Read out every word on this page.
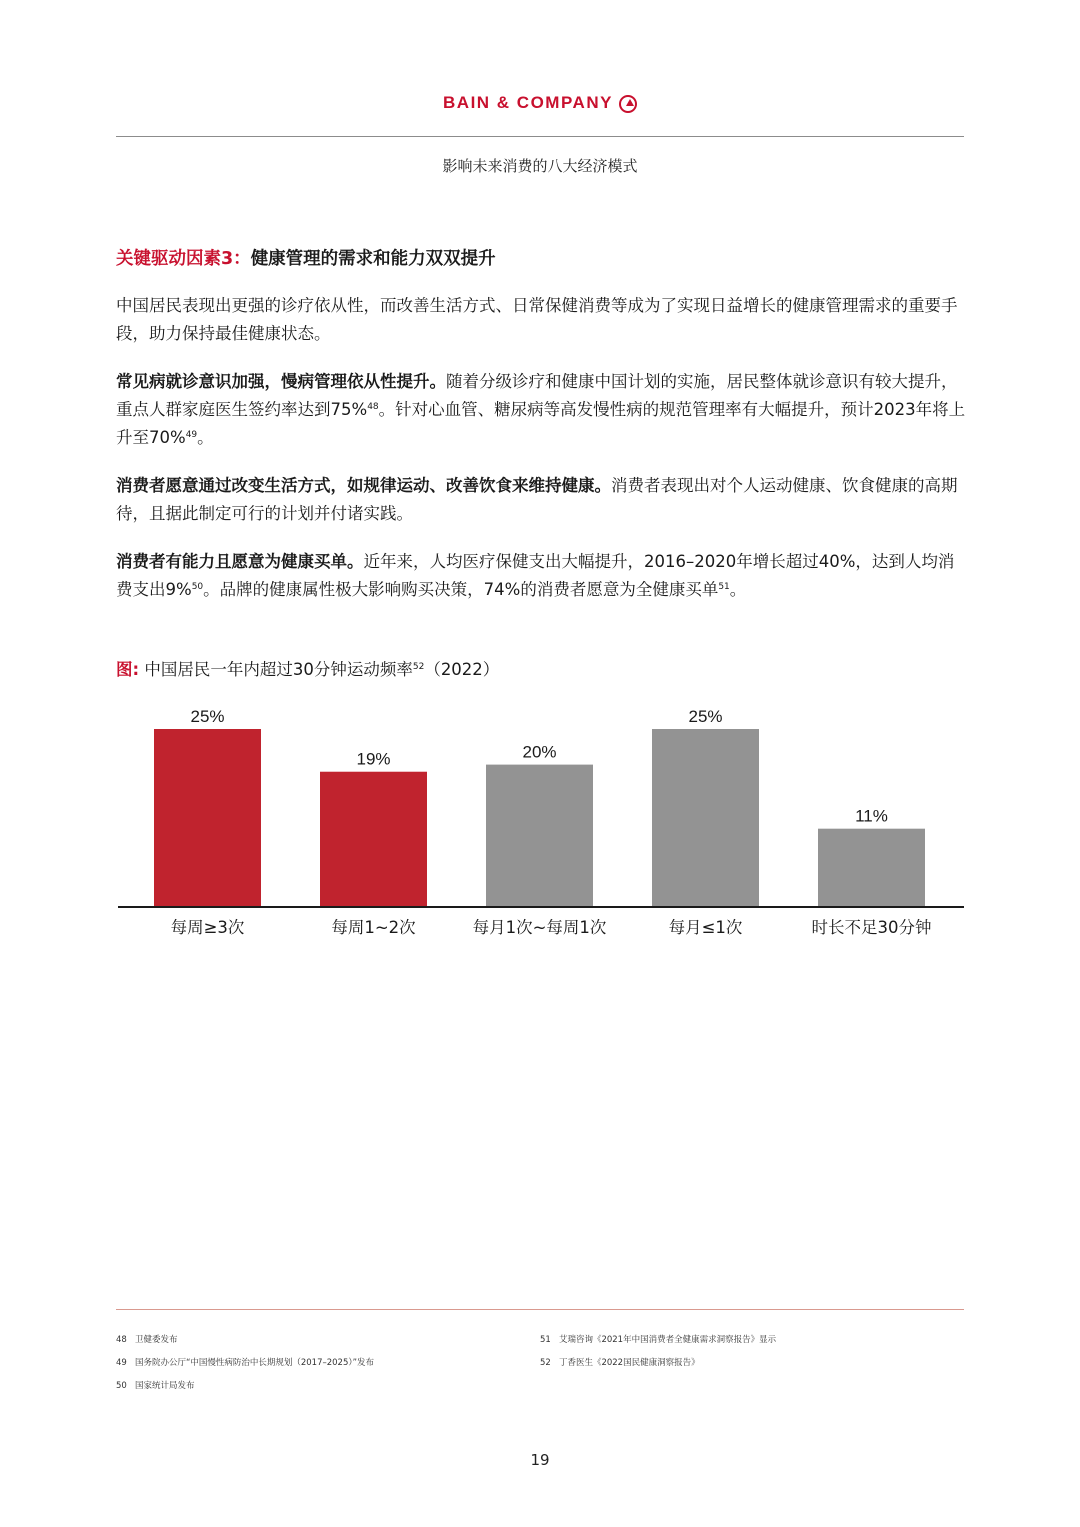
BAIN & COMPANY
影响未来消费的八大经济模式
关键驱动因素3：健康管理的需求和能力双双提升
中国居民表现出更强的诊疗依从性，而改善生活方式、日常保健消费等成为了实现日益增长的健康管理需求的重要手段，助力保持最佳健康状态。
常见病就诊意识加强，慢病管理依从性提升。随着分级诊疗和健康中国计划的实施，居民整体就诊意识有较大提升，重点人群家庭医生签约率达到75%$^{48}$。针对心血管、糖尿病等高发慢性病的规范管理率有大幅提升，预计2023年将上升至70%$^{49}$。
消费者愿意通过改变生活方式，如规律运动、改善饮食来维持健康。消费者表现出对个人运动健康、饮食健康的高期待，且据此制定可行的计划并付诸实践。
消费者有能力且愿意为健康买单。近年来，人均医疗保健支出大幅提升，2016–2020年增长超过40%，达到人均消费支出9%$^{50}$。品牌的健康属性极大影响购买决策，74%的消费者愿意为全健康买单$^{51}$。
图: 中国居民一年内超过30分钟运动频率$^{52}$（2022）
25%
每周≥3次
19%
每周1~2次
20%
每月1次~每周1次
25%
每月≤1次
11%
时长不足30分钟
48 卫健委发布
49 国务院办公厅“中国慢性病防治中长期规划（2017–2025）”发布
50 国家统计局发布
51 艾瑞咨询《2021年中国消费者全健康需求洞察报告》显示
52 丁香医生《2022国民健康洞察报告》
19
